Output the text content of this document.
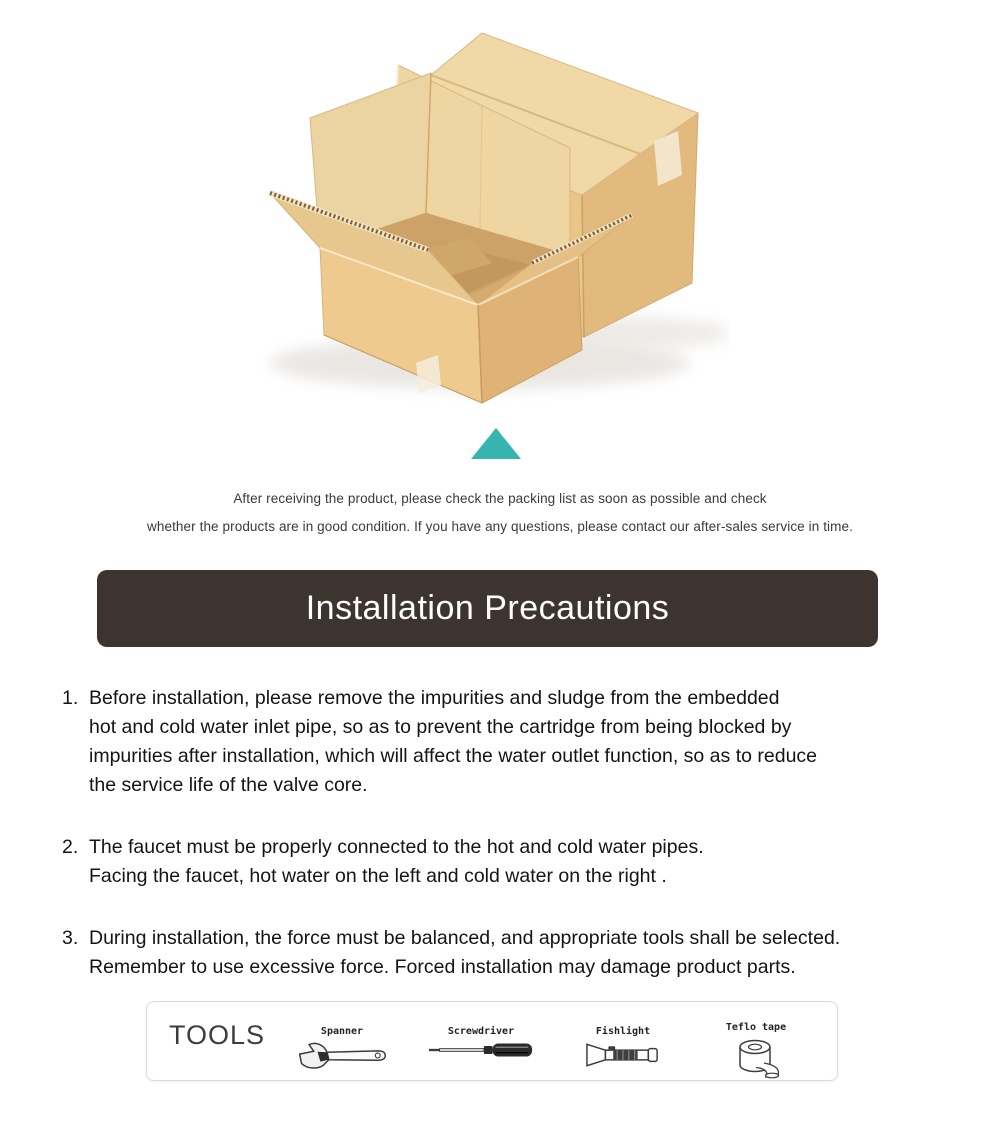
After receiving the product, please check the packing list as soon as possible and check

whether the products are in good condition. If you have any questions, please contact our after-sales service in time.

Installation Precautions
1. Before installation, please remove the impurities and sludge from the embedded
hot and cold water inlet pipe, so as to prevent the cartridge from being blocked by
impurities after installation, which will affect the water outlet function, so as to reduce
the service life of the valve core.
2. The faucet must be properly connected to the hot and cold water pipes.
Facing the faucet, hot water on the left and cold water on the right .
3. During installation, the force must be balanced, and appropriate tools shall be selected.
Remember to use excessive force. Forced installation may damage product parts.
TOOLS	Spanner	Screwdriver	Fishlight	Teflo tape
